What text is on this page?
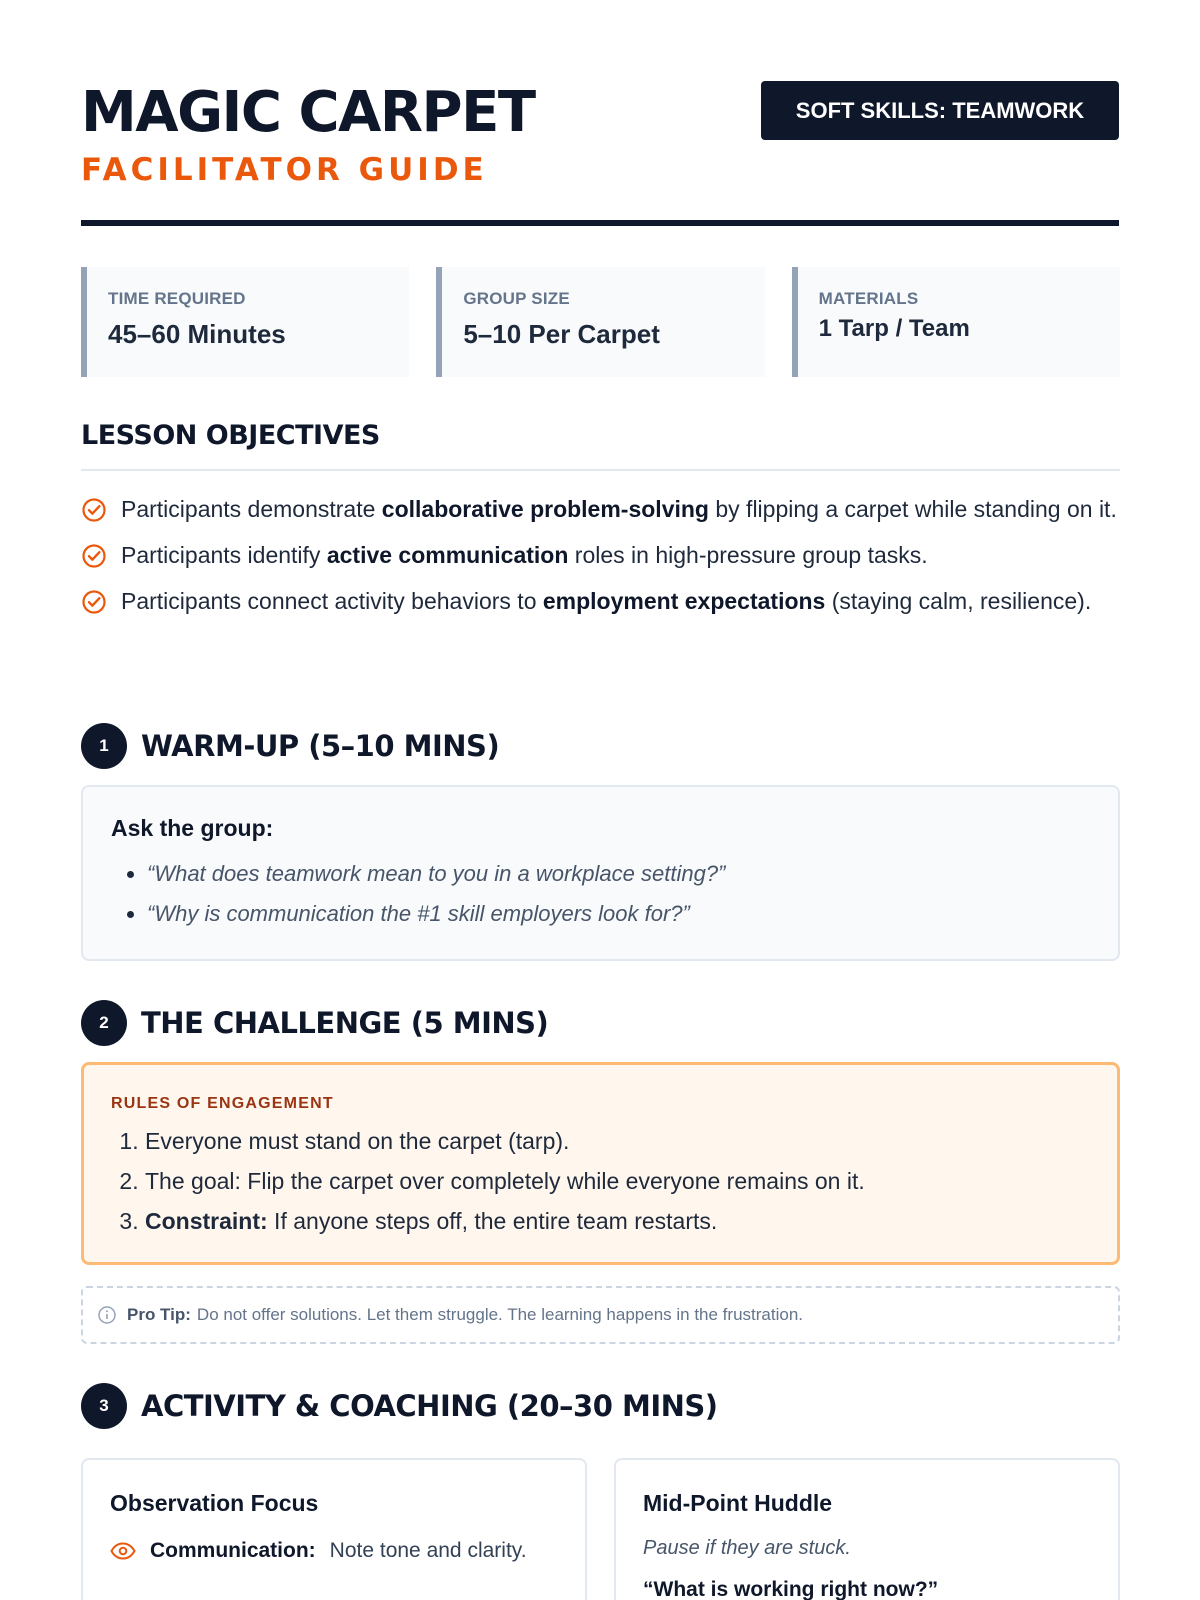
MAGIC CARPET
FACILITATOR GUIDE
SOFT SKILLS: TEAMWORK
TIME REQUIRED
45–60 Minutes
GROUP SIZE
5–10 Per Carpet
MATERIALS
1 Tarp / Team
LESSON OBJECTIVES
Participants demonstrate collaborative problem-solving by flipping a carpet while standing on it.
Participants identify active communication roles in high-pressure group tasks.
Participants connect activity behaviors to employment expectations (staying calm, resilience).
1	WARM-UP (5–10 MINS)
Ask the group:
• “What does teamwork mean to you in a workplace setting?”
• “Why is communication the #1 skill employers look for?”
2	THE CHALLENGE (5 MINS)
RULES OF ENGAGEMENT
1. Everyone must stand on the carpet (tarp).
2. The goal: Flip the carpet over completely while everyone remains on it.
3. Constraint: If anyone steps off, the entire team restarts.
Pro Tip: Do not offer solutions. Let them struggle. The learning happens in the frustration.
3	ACTIVITY & COACHING (20–30 MINS)
Observation Focus
Communication: Note tone and clarity.
Mid-Point Huddle
Pause if they are stuck.
“What is working right now?”
